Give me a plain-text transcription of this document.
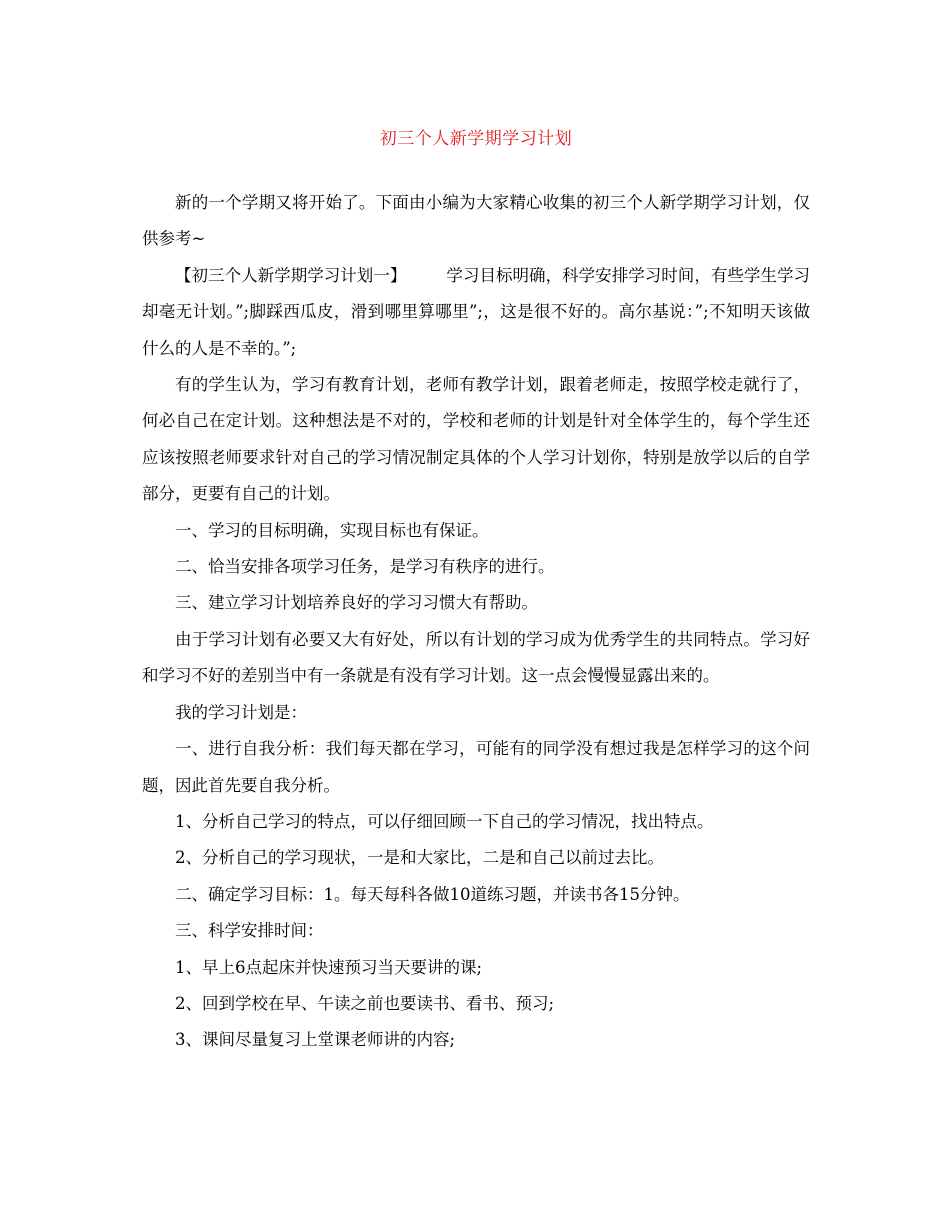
初三个人新学期学习计划

新的一个学期又将开始了。下面由小编为大家精心收集的初三个人新学期学习计划，仅供参考~

【初三个人新学期学习计划一】 学习目标明确，科学安排学习时间，有些学生学习却毫无计划。”;脚踩西瓜皮，滑到哪里算哪里”;，这是很不好的。高尔基说：”;不知明天该做什么的人是不幸的。”;

有的学生认为，学习有教育计划，老师有教学计划，跟着老师走，按照学校走就行了，何必自己在定计划。这种想法是不对的，学校和老师的计划是针对全体学生的，每个学生还应该按照老师要求针对自己的学习情况制定具体的个人学习计划你，特别是放学以后的自学部分，更要有自己的计划。

一、学习的目标明确，实现目标也有保证。

二、恰当安排各项学习任务，是学习有秩序的进行。

三、建立学习计划培养良好的学习习惯大有帮助。

由于学习计划有必要又大有好处，所以有计划的学习成为优秀学生的共同特点。学习好和学习不好的差别当中有一条就是有没有学习计划。这一点会慢慢显露出来的。

我的学习计划是：

一、进行自我分析：我们每天都在学习，可能有的同学没有想过我是怎样学习的这个问题，因此首先要自我分析。

1、分析自己学习的特点，可以仔细回顾一下自己的学习情况，找出特点。

2、分析自己的学习现状，一是和大家比，二是和自己以前过去比。

二、确定学习目标：1。每天每科各做10道练习题，并读书各15分钟。

三、科学安排时间：

1、早上6点起床并快速预习当天要讲的课;

2、回到学校在早、午读之前也要读书、看书、预习;

3、课间尽量复习上堂课老师讲的内容;
